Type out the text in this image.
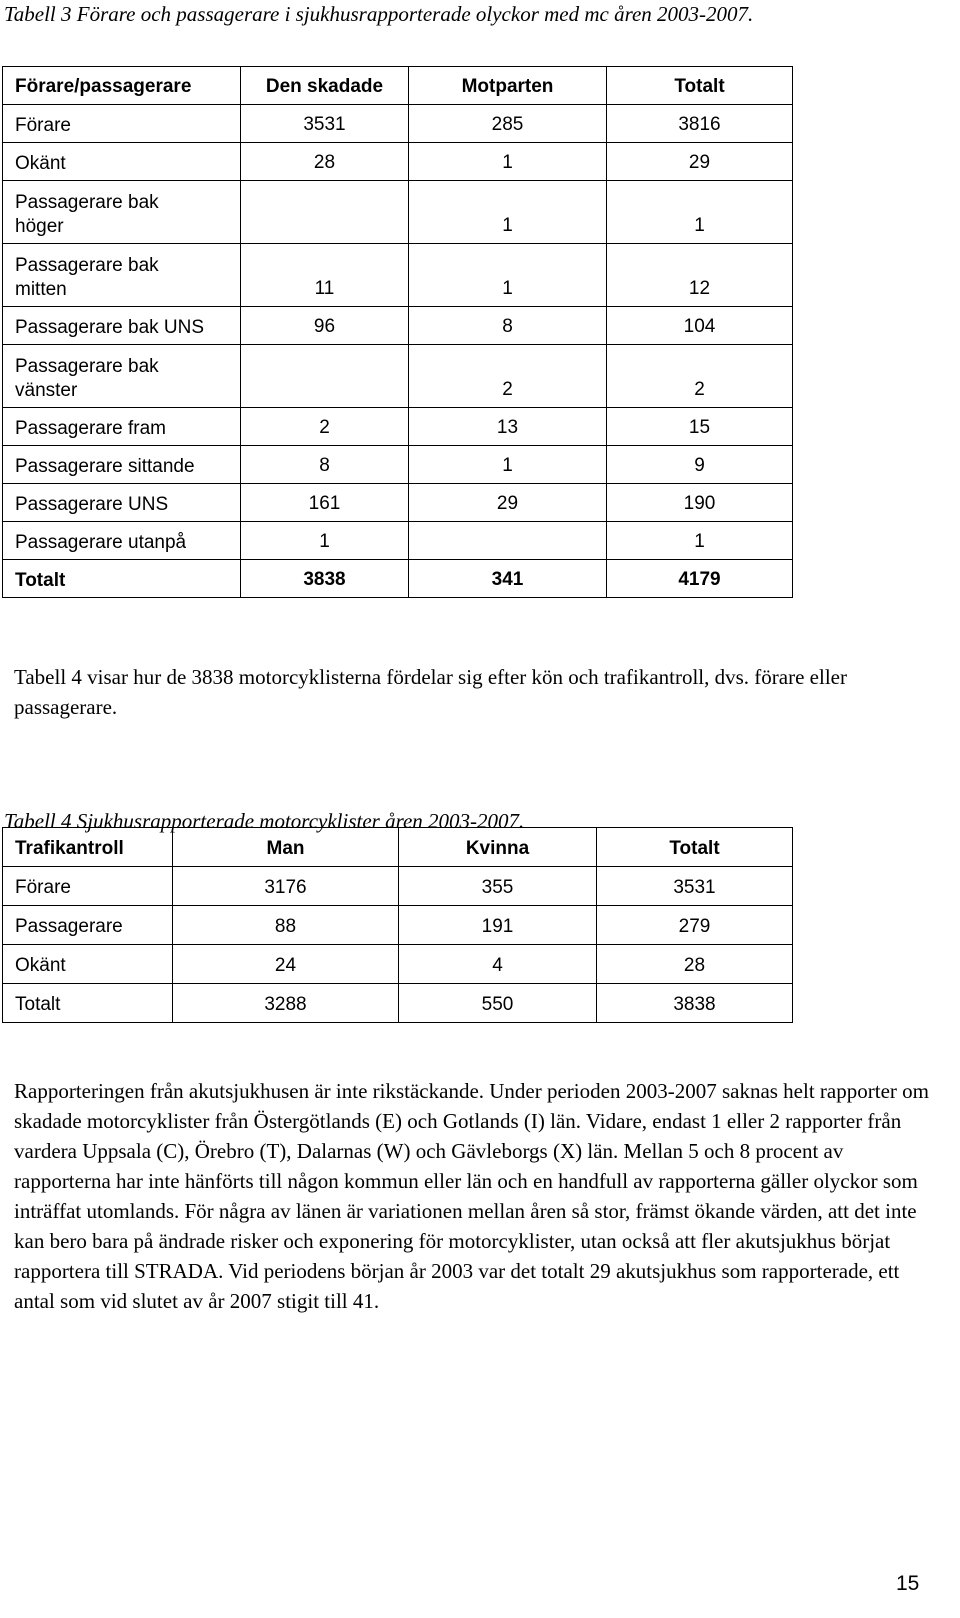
Tabell 3 Förare och passagerare i sjukhusrapporterade olyckor med mc åren 2003-2007.

Förare/passagerare	Den skadade	Motparten	Totalt
Förare	3531	285	3816
Okänt	28	1	29

Passagerare bak höger		1	1

Passagerare bak mitten	11	1	12
Passagerare bak UNS	96	8	104

Passagerare bak vänster		2	2
Passagerare fram	2	13	15
Passagerare sittande	8	1	9
Passagerare UNS	161	29	190
Passagerare utanpå	1		1
Totalt	3838	341	4179

Tabell 4 visar hur de 3838 motorcyklisterna fördelar sig efter kön och trafikantroll, dvs. förare eller passagerare.

Tabell 4 Sjukhusrapporterade motorcyklister åren 2003-2007.

Trafikantroll	Man	Kvinna	Totalt
Förare	3176	355	3531
Passagerare	88	191	279
Okänt	24	4	28
Totalt	3288	550	3838

Rapporteringen från akutsjukhusen är inte rikstäckande. Under perioden 2003-2007 saknas helt rapporter om skadade motorcyklister från Östergötlands (E) och Gotlands (I) län. Vidare, endast 1 eller 2 rapporter från vardera Uppsala (C), Örebro (T), Dalarnas (W) och Gävleborgs (X) län. Mellan 5 och 8 procent av rapporterna har inte hänförts till någon kommun eller län och en handfull av rapporterna gäller olyckor som inträffat utomlands. För några av länen är variationen mellan åren så stor, främst ökande värden, att det inte kan bero bara på ändrade risker och exponering för motorcyklister, utan också att fler akutsjukhus börjat rapportera till STRADA. Vid periodens början år 2003 var det totalt 29 akutsjukhus som rapporterade, ett antal som vid slutet av år 2007 stigit till 41.

15
